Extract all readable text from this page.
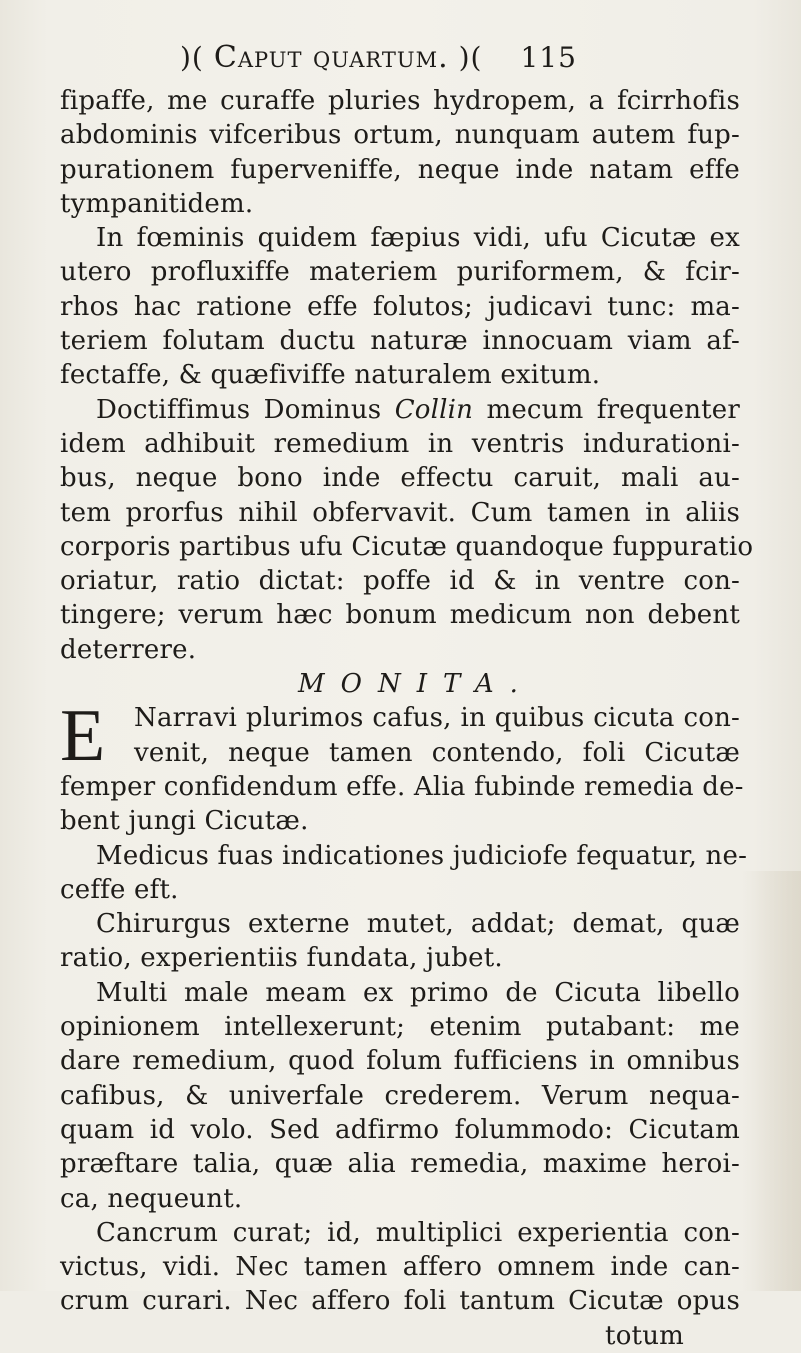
)( Caput quartum. )( 115
fipaffe, me curaffe pluries hydropem, a fcirrhofis
abdominis vifceribus ortum, nunquam autem fup-
purationem fuperveniffe, neque inde natam effe
tympanitidem.
In fœminis quidem fæpius vidi, ufu Cicutæ ex
utero profluxiffe materiem puriformem, & fcir-
rhos hac ratione effe folutos; judicavi tunc: ma-
teriem folutam ductu naturæ innocuam viam af-
fectaffe, & quæfiviffe naturalem exitum.
Doctiffimus Dominus Collin mecum frequenter
idem adhibuit remedium in ventris indurationi-
bus, neque bono inde effectu caruit, mali au-
tem prorfus nihil obfervavit. Cum tamen in aliis
corporis partibus ufu Cicutæ quandoque fuppuratio
oriatur, ratio dictat: poffe id & in ventre con-
tingere; verum hæc bonum medicum non debent
deterrere.
MONITA.
E	Narravi plurimos cafus, in quibus cicuta con-
venit, neque tamen contendo, foli Cicutæ
femper confidendum effe. Alia fubinde remedia de-
bent jungi Cicutæ.
Medicus fuas indicationes judiciofe fequatur, ne-
ceffe eft.
Chirurgus externe mutet, addat; demat, quæ
ratio, experientiis fundata, jubet.
Multi male meam ex primo de Cicuta libello
opinionem intellexerunt; etenim putabant: me
dare remedium, quod folum fufficiens in omnibus
cafibus, & univerfale crederem. Verum nequa-
quam id volo. Sed adfirmo folummodo: Cicutam
præftare talia, quæ alia remedia, maxime heroi-
ca, nequeunt.
Cancrum curat; id, multiplici experientia con-
victus, vidi. Nec tamen affero omnem inde can-
crum curari. Nec affero foli tantum Cicutæ opus
totum
